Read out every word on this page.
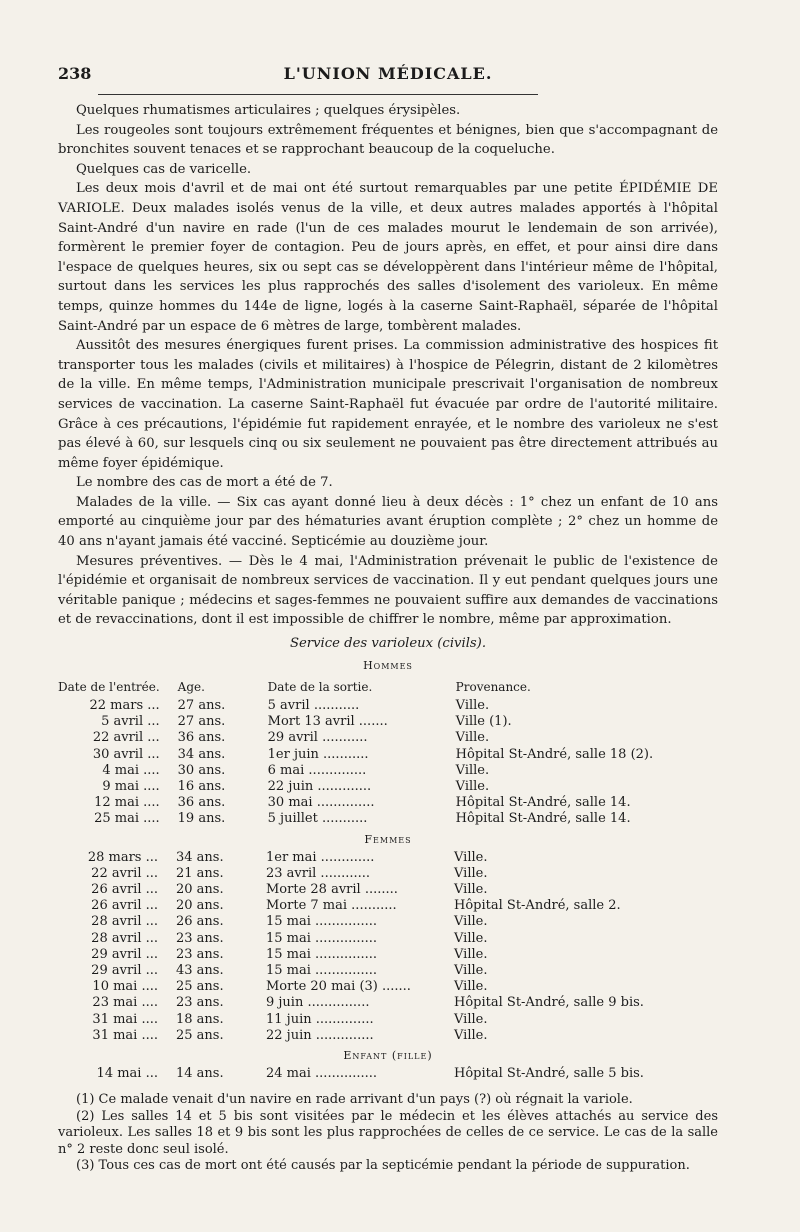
238	L'UNION MÉDICALE.

Quelques rhumatismes articulaires ; quelques érysipèles.

Les rougeoles sont toujours extrêmement fréquentes et bénignes, bien que s'accompagnant de bronchites souvent tenaces et se rapprochant beaucoup de la coqueluche.

Quelques cas de varicelle.

Les deux mois d'avril et de mai ont été surtout remarquables par une petite ÉPIDÉMIE DE VARIOLE. Deux malades isolés venus de la ville, et deux autres malades apportés à l'hôpital Saint-André d'un navire en rade (l'un de ces malades mourut le lendemain de son arrivée), formèrent le premier foyer de contagion. Peu de jours après, en effet, et pour ainsi dire dans l'espace de quelques heures, six ou sept cas se développèrent dans l'intérieur même de l'hôpital, surtout dans les services les plus rapprochés des salles d'isolement des varioleux. En même temps, quinze hommes du 144e de ligne, logés à la caserne Saint-Raphaël, séparée de l'hôpital Saint-André par un espace de 6 mètres de large, tombèrent malades.

Aussitôt des mesures énergiques furent prises. La commission administrative des hospices fit transporter tous les malades (civils et militaires) à l'hospice de Pélegrin, distant de 2 kilomètres de la ville. En même temps, l'Administration municipale prescrivait l'organisation de nombreux services de vaccination. La caserne Saint-Raphaël fut évacuée par ordre de l'autorité militaire. Grâce à ces précautions, l'épidémie fut rapidement enrayée, et le nombre des varioleux ne s'est pas élevé à 60, sur lesquels cinq ou six seulement ne pouvaient pas être directement attribués au même foyer épidémique.

Le nombre des cas de mort a été de 7.

Malades de la ville. — Six cas ayant donné lieu à deux décès : 1° chez un enfant de 10 ans emporté au cinquième jour par des hématuries avant éruption complète ; 2° chez un homme de 40 ans n'ayant jamais été vacciné. Septicémie au douzième jour.

Mesures préventives. — Dès le 4 mai, l'Administration prévenait le public de l'existence de l'épidémie et organisait de nombreux services de vaccination. Il y eut pendant quelques jours une véritable panique ; médecins et sages-femmes ne pouvaient suffire aux demandes de vaccinations et de revaccinations, dont il est impossible de chiffrer le nombre, même par approximation.

Service des varioleux (civils).
Hommes
Date de l'entrée.	Age.	Date de la sortie.	Provenance.
22 mars ...	27 ans.	5 avril ...........	Ville.
5 avril ...	27 ans.	Mort 13 avril .......	Ville (1).
22 avril ...	36 ans.	29 avril ...........	Ville.
30 avril ...	34 ans.	1er juin ...........	Hôpital St-André, salle 18 (2).
4 mai ....	30 ans.	6 mai ..............	Ville.
9 mai ....	16 ans.	22 juin .............	Ville.
12 mai ....	36 ans.	30 mai ..............	Hôpital St-André, salle 14.
25 mai ....	19 ans.	5 juillet ...........	Hôpital St-André, salle 14.
Femmes
28 mars ...	34 ans.	1er mai .............	Ville.
22 avril ...	21 ans.	23 avril ............	Ville.
26 avril ...	20 ans.	Morte 28 avril ........	Ville.
26 avril ...	20 ans.	Morte 7 mai ...........	Hôpital St-André, salle 2.
28 avril ...	26 ans.	15 mai ...............	Ville.
28 avril ...	23 ans.	15 mai ...............	Ville.
29 avril ...	23 ans.	15 mai ...............	Ville.
29 avril ...	43 ans.	15 mai ...............	Ville.
10 mai ....	25 ans.	Morte 20 mai (3) .......	Ville.
23 mai ....	23 ans.	9 juin ...............	Hôpital St-André, salle 9 bis.
31 mai ....	18 ans.	11 juin ..............	Ville.
31 mai ....	25 ans.	22 juin ..............	Ville.
Enfant (fille)
14 mai ...	14 ans.	24 mai ...............	Hôpital St-André, salle 5 bis.

(1) Ce malade venait d'un navire en rade arrivant d'un pays (?) où régnait la variole.

(2) Les salles 14 et 5 bis sont visitées par le médecin et les élèves attachés au service des varioleux. Les salles 18 et 9 bis sont les plus rapprochées de celles de ce service. Le cas de la salle n° 2 reste donc seul isolé.

(3) Tous ces cas de mort ont été causés par la septicémie pendant la période de suppuration.
